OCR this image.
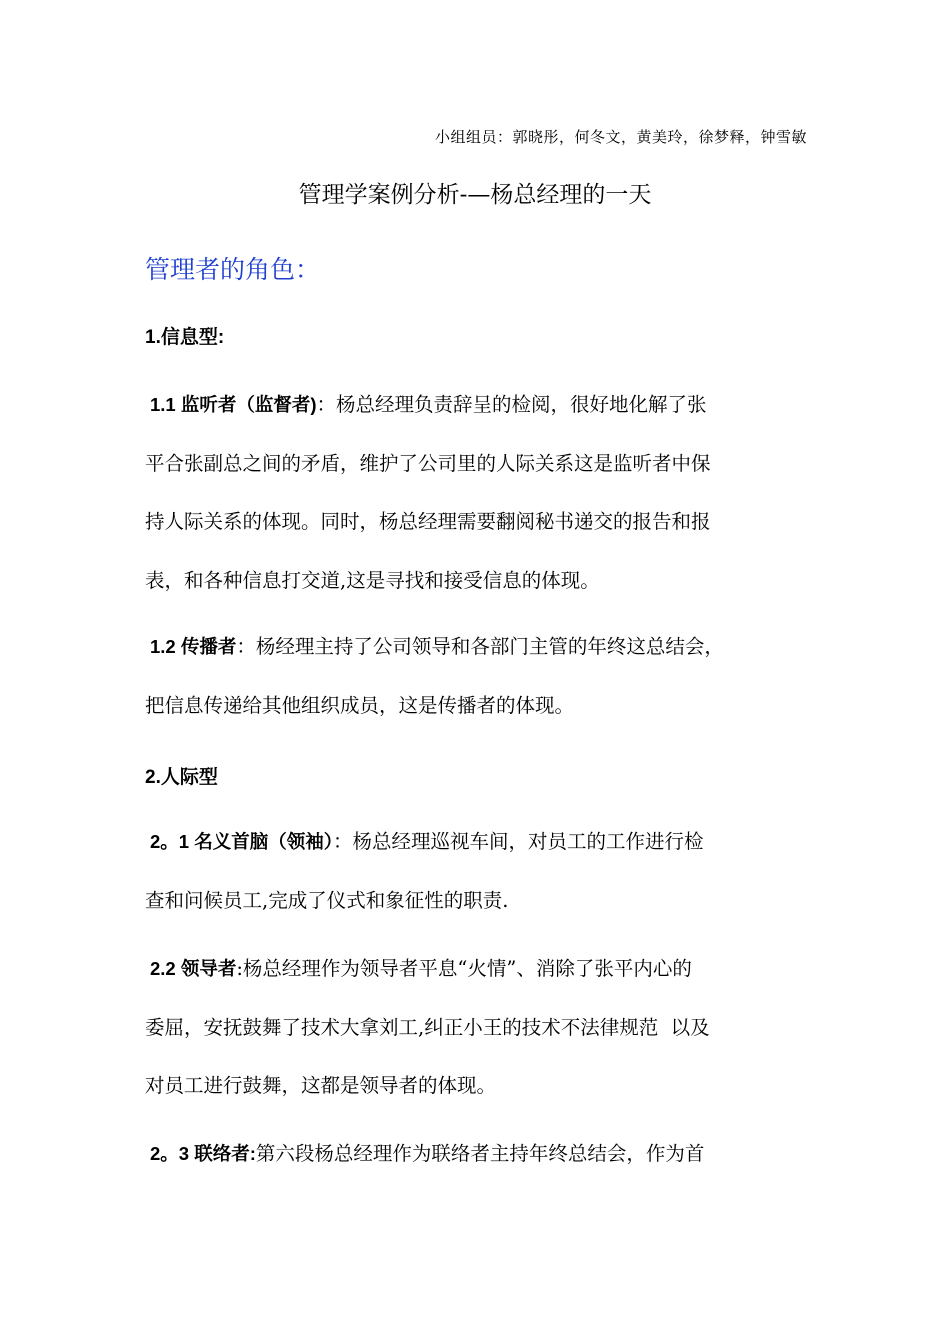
小组组员：郭晓彤，何冬文，黄美玲，徐梦释，钟雪敏
管理学案例分析-—杨总经理的一天
管理者的角色：
1.信息型:

1.1 监听者（监督者)：杨总经理负责辞呈的检阅，很好地化解了张
平合张副总之间的矛盾，维护了公司里的人际关系这是监听者中保
持人际关系的体现。同时，杨总经理需要翻阅秘书递交的报告和报
表，和各种信息打交道,这是寻找和接受信息的体现。

1.2 传播者：杨经理主持了公司领导和各部门主管的年终这总结会，
把信息传递给其他组织成员，这是传播者的体现。

2.人际型

2。1 名义首脑（领袖）：杨总经理巡视车间，对员工的工作进行检
查和问候员工,完成了仪式和象征性的职责.

2.2 领导者:杨总经理作为领导者平息“火情”、消除了张平内心的
委屈，安抚鼓舞了技术大拿刘工,纠正小王的技术不法律规范  以及
对员工进行鼓舞，这都是领导者的体现。

2。3 联络者:第六段杨总经理作为联络者主持年终总结会，作为首
